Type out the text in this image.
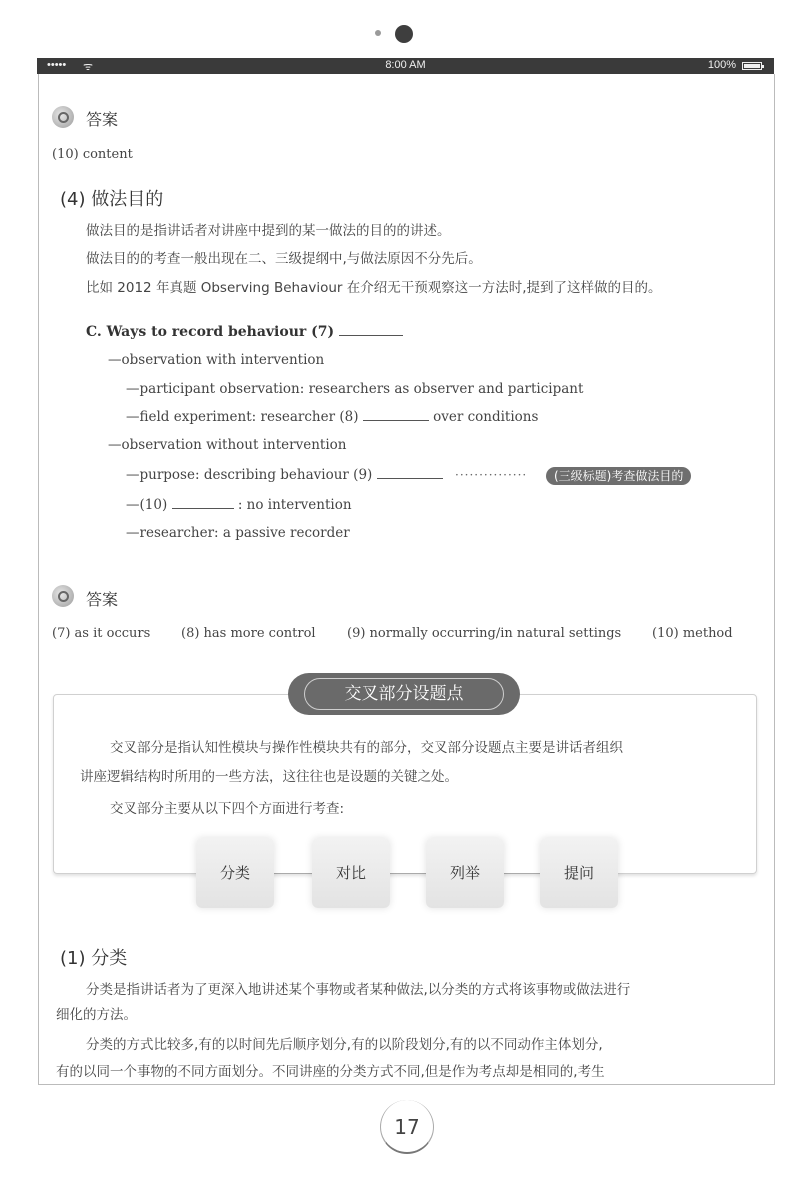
••••• ᯤ	8:00 AM	100%
答案
(10) content
(4) 做法目的
做法目的是指讲话者对讲座中提到的某一做法的目的的讲述。
做法目的的考查一般出现在二、三级提纲中,与做法原因不分先后。
比如 2012 年真题 Observing Behaviour 在介绍无干预观察这一方法时,提到了这样做的目的。
C. Ways to record behaviour (7)
—observation with intervention
—participant observation: researchers as observer and participant
—field experiment: researcher (8)	over conditions
—observation without intervention
—purpose: describing behaviour (9)	···············	(三级标题)考查做法目的
—(10)	: no intervention
—researcher: a passive recorder
答案
(7) as it occurs (8) has more control (9) normally occurring/in natural settings (10) method
交叉部分设题点
交叉部分是指认知性模块与操作性模块共有的部分，交叉部分设题点主要是讲话者组织
讲座逻辑结构时所用的一些方法，这往往也是设题的关键之处。
交叉部分主要从以下四个方面进行考查:
分类	对比	列举	提问
(1) 分类
分类是指讲话者为了更深入地讲述某个事物或者某种做法,以分类的方式将该事物或做法进行
细化的方法。
分类的方式比较多,有的以时间先后顺序划分,有的以阶段划分,有的以不同动作主体划分,
有的以同一个事物的不同方面划分。不同讲座的分类方式不同,但是作为考点却是相同的,考生
17
